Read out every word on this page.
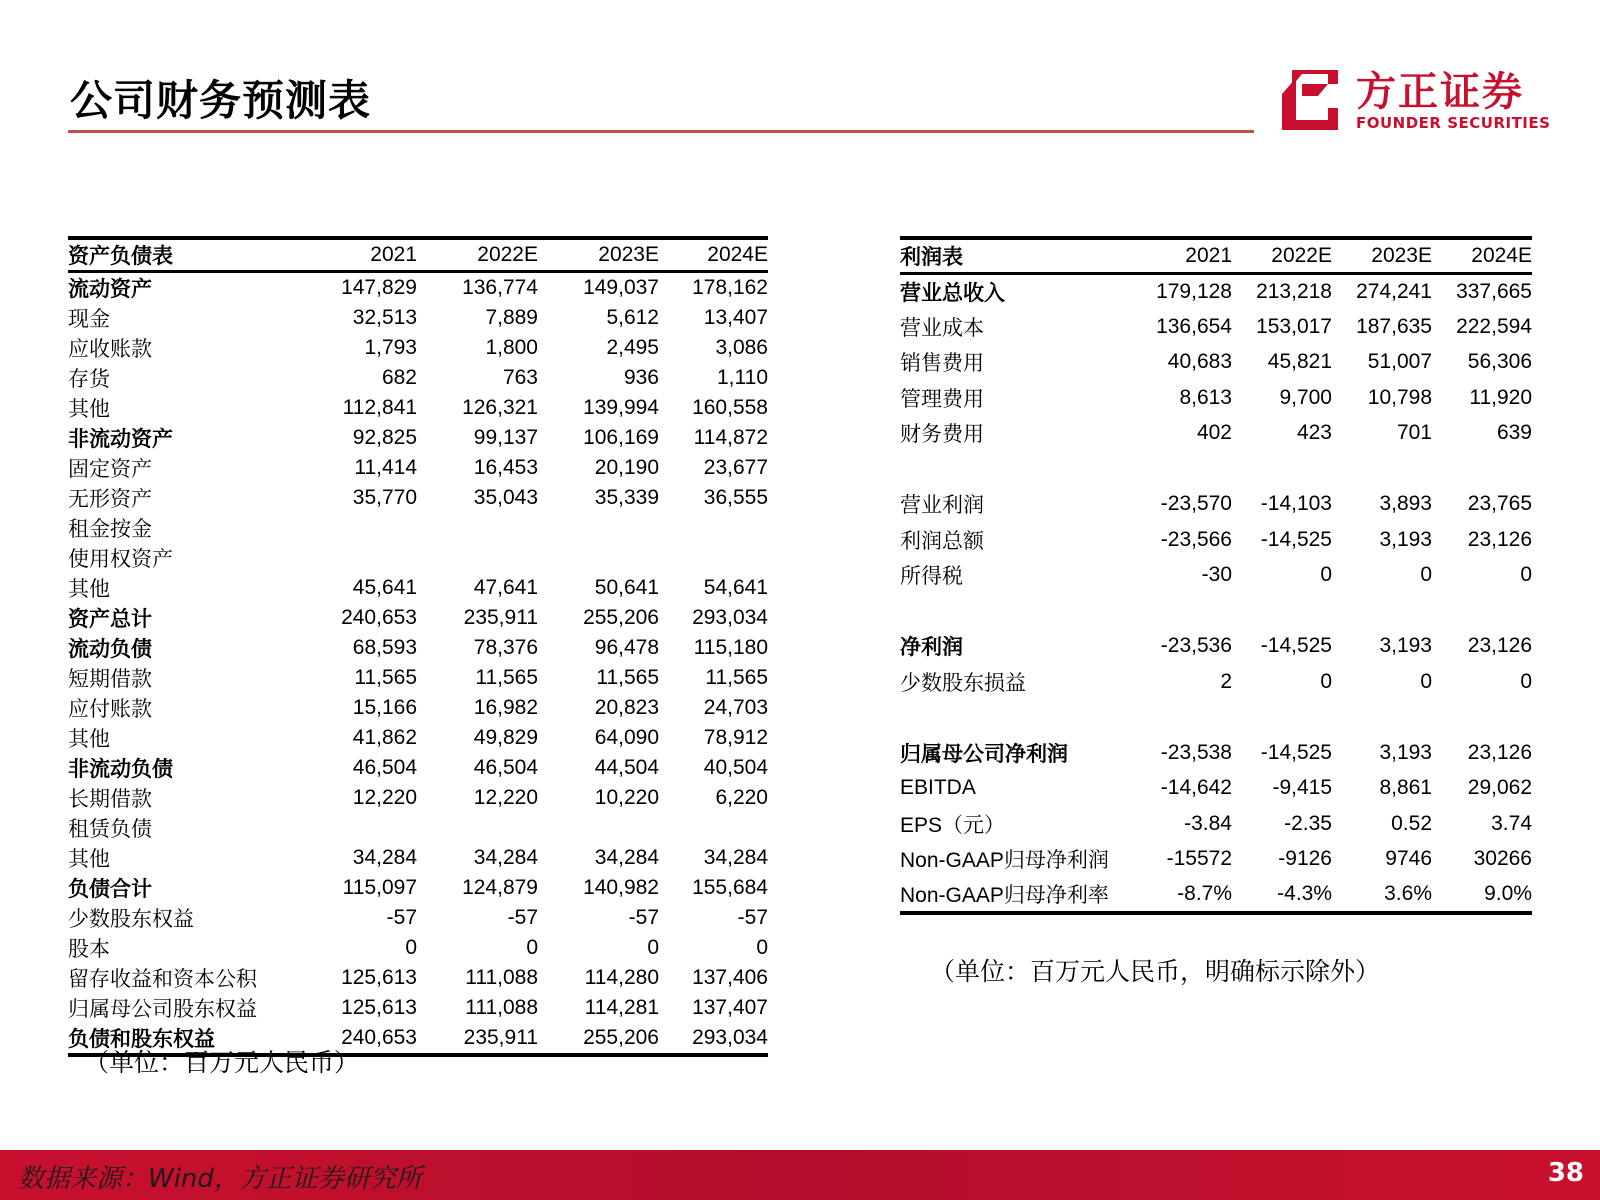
公司财务预测表	方正证券
FOUNDER SECURITIES
资产负债表	2021	2022E	2023E	2024E
流动资产	147,829	136,774	149,037	178,162
现金	32,513	7,889	5,612	13,407
应收账款	1,793	1,800	2,495	3,086
存货	682	763	936	1,110
其他	112,841	126,321	139,994	160,558
非流动资产	92,825	99,137	106,169	114,872
固定资产	11,414	16,453	20,190	23,677
无形资产	35,770	35,043	35,339	36,555
租金按金				
使用权资产				
其他	45,641	47,641	50,641	54,641
资产总计	240,653	235,911	255,206	293,034
流动负债	68,593	78,376	96,478	115,180
短期借款	11,565	11,565	11,565	11,565
应付账款	15,166	16,982	20,823	24,703
其他	41,862	49,829	64,090	78,912
非流动负债	46,504	46,504	44,504	40,504
长期借款	12,220	12,220	10,220	6,220
租赁负债				
其他	34,284	34,284	34,284	34,284
负债合计	115,097	124,879	140,982	155,684
少数股东权益	-57	-57	-57	-57
股本	0	0	0	0
留存收益和资本公积	125,613	111,088	114,280	137,406
归属母公司股东权益	125,613	111,088	114,281	137,407
负债和股东权益	240,653	235,911	255,206	293,034
（单位：百万元人民币）
利润表	2021	2022E	2023E	2024E
营业总收入	179,128	213,218	274,241	337,665
营业成本	136,654	153,017	187,635	222,594
销售费用	40,683	45,821	51,007	56,306
管理费用	8,613	9,700	10,798	11,920
财务费用	402	423	701	639

营业利润	-23,570	-14,103	3,893	23,765
利润总额	-23,566	-14,525	3,193	23,126
所得税	-30	0	0	0

净利润	-23,536	-14,525	3,193	23,126
少数股东损益	2	0	0	0

归属母公司净利润	-23,538	-14,525	3,193	23,126
EBITDA	-14,642	-9,415	8,861	29,062
EPS（元）	-3.84	-2.35	0.52	3.74
Non-GAAP归母净利润	-15572	-9126	9746	30266
Non-GAAP归母净利率	-8.7%	-4.3%	3.6%	9.0%
（单位：百万元人民币，明确标示除外）
数据来源：Wind，方正证券研究所	38
